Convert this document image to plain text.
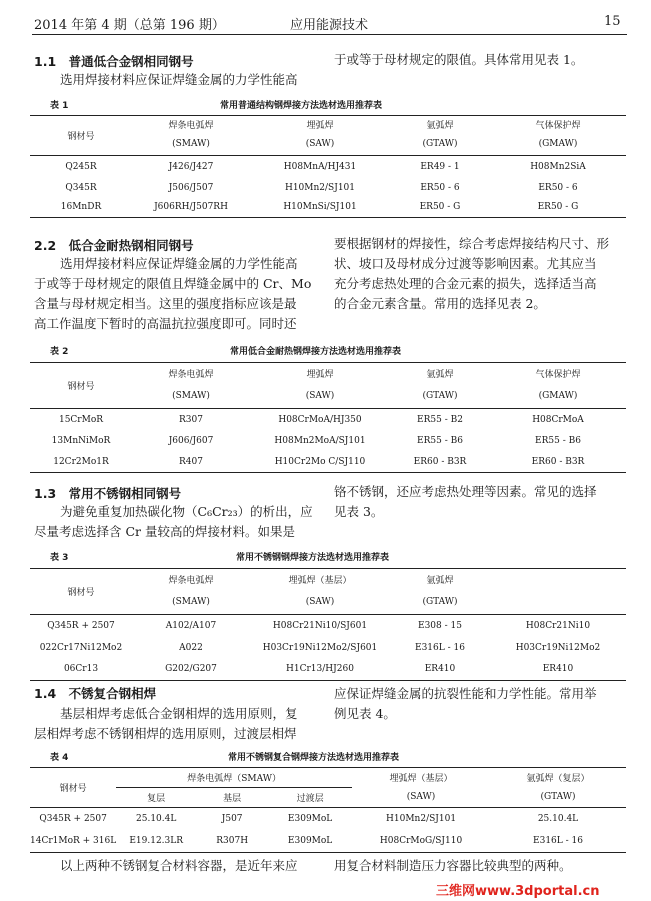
2014 年第 4 期（总第 196 期）	应用能源技术	15
1.1　普通低合金钢相同钢号
选用焊接材料应保证焊缝金属的力学性能高
于或等于母材规定的限值。具体常用见表 1。
表 1	常用普通结构钢焊接方法选材选用推荐表
钢材号	焊条电弧焊	埋弧焊	氩弧焊	气体保护焊
	(SMAW)	(SAW)	(GTAW)	(GMAW)
Q245R	J426/J427	H08MnA/HJ431	ER49 - 1	H08Mn2SiA
Q345R	J506/J507	H10Mn2/SJ101	ER50 - 6	ER50 - 6
16MnDR	J606RH/J507RH	H10MnSi/SJ101	ER50 - G	ER50 - G
2.2　低合金耐热钢相同钢号
选用焊接材料应保证焊缝金属的力学性能高
于或等于母材规定的限值且焊缝金属中的 Cr、Mo
含量与母材规定相当。这里的强度指标应该是最
高工作温度下暂时的高温抗拉强度即可。同时还
要根据钢材的焊接性，综合考虑焊接结构尺寸、形
状、坡口及母材成分过渡等影响因素。尤其应当
充分考虑热处理的合金元素的损失，选择适当高
的合金元素含量。常用的选择见表 2。
表 2	常用低合金耐热钢焊接方法选材选用推荐表
钢材号	焊条电弧焊	埋弧焊	氩弧焊	气体保护焊
	(SMAW)	(SAW)	(GTAW)	(GMAW)
15CrMoR	R307	H08CrMoA/HJ350	ER55 - B2	H08CrMoA
13MnNiMoR	J606/J607	H08Mn2MoA/SJ101	ER55 - B6	ER55 - B6
12Cr2Mo1R	R407	H10Cr2Mo C/SJ110	ER60 - B3R	ER60 - B3R
1.3　常用不锈钢相同钢号
为避免重复加热碳化物（C₆Cr₂₃）的析出，应
尽量考虑选择含 Cr 量较高的焊接材料。如果是
铬不锈钢，还应考虑热处理等因素。常见的选择
见表 3。
表 3	常用不锈钢钢焊接方法选材选用推荐表
钢材号	焊条电弧焊	埋弧焊（基层）	氩弧焊	
	(SMAW)	(SAW)	(GTAW)	
Q345R + 2507	A102/A107	H08Cr21Ni10/SJ601	E308 - 15	H08Cr21Ni10
022Cr17Ni12Mo2	A022	H03Cr19Ni12Mo2/SJ601	E316L - 16	H03Cr19Ni12Mo2
06Cr13	G202/G207	H1Cr13/HJ260	ER410	ER410
1.4　不锈复合钢相焊
基层相焊考虑低合金钢相焊的选用原则，复
层相焊考虑不锈钢相焊的选用原则，过渡层相焊
应保证焊缝金属的抗裂性能和力学性能。常用举
例见表 4。
表 4	常用不锈钢复合钢焊接方法选材选用推荐表
钢材号	焊条电弧焊（SMAW）			埋弧焊（基层）	氩弧焊（复层）
	复层	基层	过渡层	(SAW)	(GTAW)
Q345R + 2507	25.10.4L	J507	E309MoL	H10Mn2/SJ101	25.10.4L
14Cr1MoR + 316L	E19.12.3LR	R307H	E309MoL	H08CrMoG/SJ110	E316L - 16
以上两种不锈钢复合材料容器，是近年来应	用复合材料制造压力容器比较典型的两种。
三维网www.3dportal.cn
